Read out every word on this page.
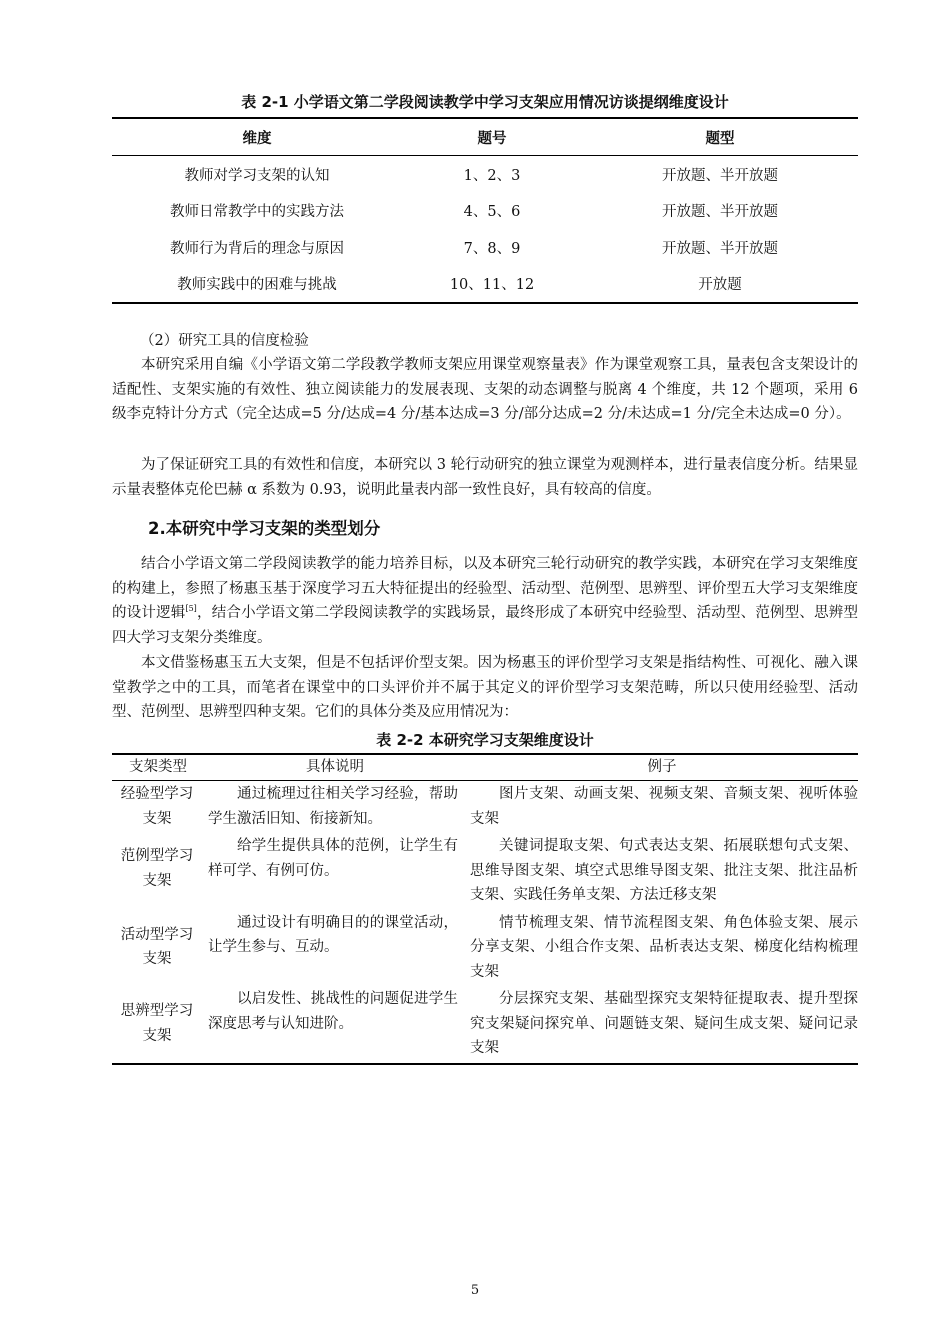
表 2-1 小学语文第二学段阅读教学中学习支架应用情况访谈提纲维度设计
维度	题号	题型
教师对学习支架的认知	1、2、3	开放题、半开放题
教师日常教学中的实践方法	4、5、6	开放题、半开放题
教师行为背后的理念与原因	7、8、9	开放题、半开放题
教师实践中的困难与挑战	10、11、12	开放题
（2）研究工具的信度检验
本研究采用自编《小学语文第二学段教学教师支架应用课堂观察量表》作为课堂观察工具，量表包含支架设计的适配性、支架实施的有效性、独立阅读能力的发展表现、支架的动态调整与脱离 4 个维度，共 12 个题项，采用 6 级李克特计分方式（完全达成=5 分/达成=4 分/基本达成=3 分/部分达成=2 分/未达成=1 分/完全未达成=0 分）。
为了保证研究工具的有效性和信度，本研究以 3 轮行动研究的独立课堂为观测样本，进行量表信度分析。结果显示量表整体克伦巴赫 α 系数为 0.93，说明此量表内部一致性良好，具有较高的信度。
2.本研究中学习支架的类型划分
结合小学语文第二学段阅读教学的能力培养目标，以及本研究三轮行动研究的教学实践，本研究在学习支架维度的构建上，参照了杨惠玉基于深度学习五大特征提出的经验型、活动型、范例型、思辨型、评价型五大学习支架维度的设计逻辑[5]，结合小学语文第二学段阅读教学的实践场景，最终形成了本研究中经验型、活动型、范例型、思辨型四大学习支架分类维度。
本文借鉴杨惠玉五大支架，但是不包括评价型支架。因为杨惠玉的评价型学习支架是指结构性、可视化、融入课堂教学之中的工具，而笔者在课堂中的口头评价并不属于其定义的评价型学习支架范畴，所以只使用经验型、活动型、范例型、思辨型四种支架。它们的具体分类及应用情况为：
表 2-2 本研究学习支架维度设计
支架类型	具体说明	例子
经验型学习支架	通过梳理过往相关学习经验，帮助学生激活旧知、衔接新知。	图片支架、动画支架、视频支架、音频支架、视听体验支架
范例型学习支架	给学生提供具体的范例，让学生有样可学、有例可仿。	关键词提取支架、句式表达支架、拓展联想句式支架、思维导图支架、填空式思维导图支架、批注支架、批注品析支架、实践任务单支架、方法迁移支架
活动型学习支架	通过设计有明确目的的课堂活动，让学生参与、互动。	情节梳理支架、情节流程图支架、角色体验支架、展示分享支架、小组合作支架、品析表达支架、梯度化结构梳理支架
思辨型学习支架	以启发性、挑战性的问题促进学生深度思考与认知进阶。	分层探究支架、基础型探究支架特征提取表、提升型探究支架疑问探究单、问题链支架、疑问生成支架、疑问记录支架
5
